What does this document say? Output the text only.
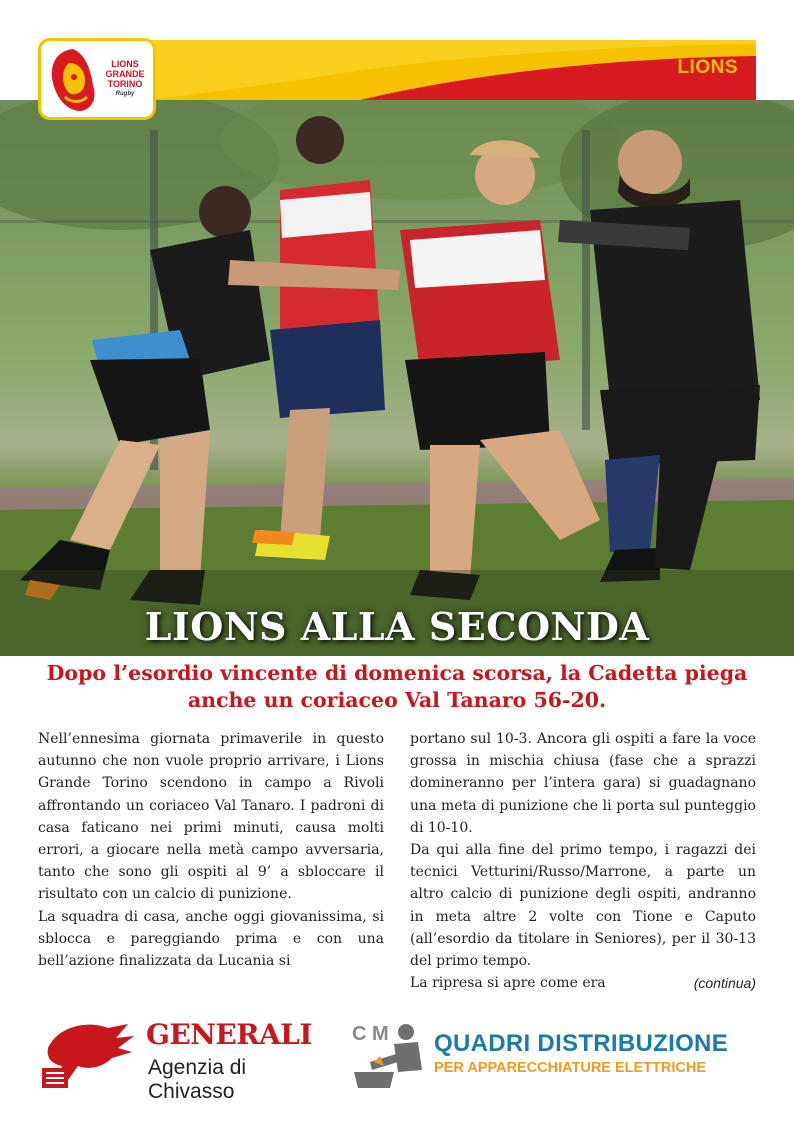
LIONS
LIONS
GRANDE
TORINO
Rugby
LIONS ALLA SECONDA
Dopo l’esordio vincente di domenica scorsa, la Cadetta piega anche un coriaceo Val Tanaro 56-20.

Nell’ennesima giornata primaverile in questo autunno che non vuole proprio arrivare, i Lions Grande Torino scendono in campo a Rivoli affrontando un coriaceo Val Tanaro. I padroni di casa faticano nei primi minuti, causa molti errori, a giocare nella metà campo avversaria, tanto che sono gli ospiti al 9’ a sbloccare il risultato con un calcio di punizione.

La squadra di casa, anche oggi giovanissima, si sblocca e pareggiando prima e con una bell’azione finalizzata da Lucania si

portano sul 10-3. Ancora gli ospiti a fare la voce grossa in mischia chiusa (fase che a sprazzi domineranno per l’intera gara) si guadagnano una meta di punizione che li porta sul punteggio di 10-10.

Da qui alla fine del primo tempo, i ragazzi dei tecnici Vetturini/Russo/Marrone, a parte un altro calcio di punizione degli ospiti, andranno in meta altre 2 volte con Tione e Caputo (all’esordio da titolare in Seniores), per il 30-13 del primo tempo.

La ripresa si apre come era	(continua)

GENERALI
Agenzia di Chivasso
C M QUADRI DISTRIBUZIONE
PER APPARECCHIATURE ELETTRICHE
